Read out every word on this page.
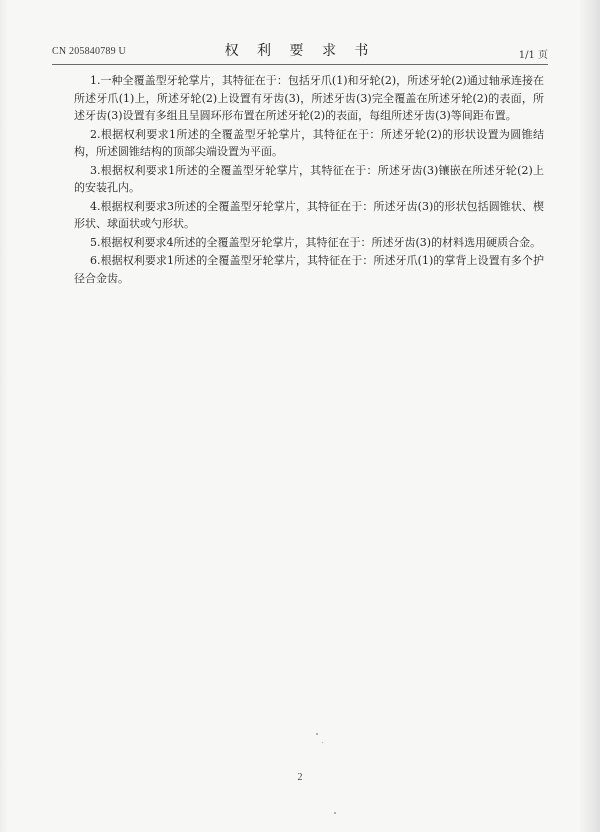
CN 205840789 U	权 利 要 求 书	1/1 页

1.一种全覆盖型牙轮掌片，其特征在于：包括牙爪(1)和牙轮(2)，所述牙轮(2)通过轴承连接在所述牙爪(1)上，所述牙轮(2)上设置有牙齿(3)，所述牙齿(3)完全覆盖在所述牙轮(2)的表面，所述牙齿(3)设置有多组且呈圆环形布置在所述牙轮(2)的表面，每组所述牙齿(3)等间距布置。

2.根据权利要求1所述的全覆盖型牙轮掌片，其特征在于：所述牙轮(2)的形状设置为圆锥结构，所述圆锥结构的顶部尖端设置为平面。

3.根据权利要求1所述的全覆盖型牙轮掌片，其特征在于：所述牙齿(3)镶嵌在所述牙轮(2)上的安装孔内。

4.根据权利要求3所述的全覆盖型牙轮掌片，其特征在于：所述牙齿(3)的形状包括圆锥状、楔形状、球面状或勺形状。

5.根据权利要求4所述的全覆盖型牙轮掌片，其特征在于：所述牙齿(3)的材料选用硬质合金。

6.根据权利要求1所述的全覆盖型牙轮掌片，其特征在于：所述牙爪(1)的掌背上设置有多个护径合金齿。

2
